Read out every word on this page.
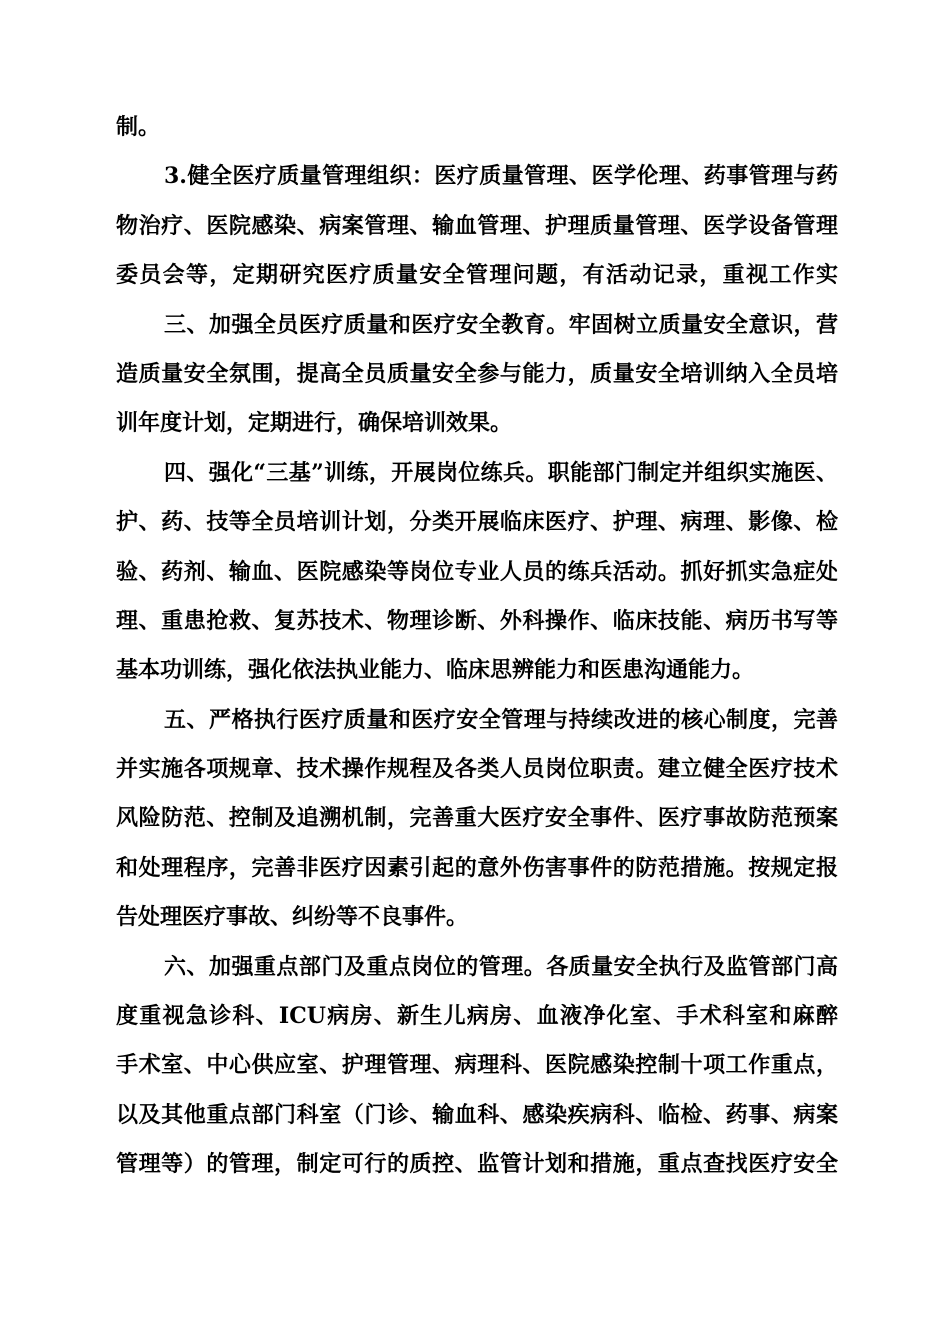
制。
3.健全医疗质量管理组织：医疗质量管理、医学伦理、药事管理与药
物治疗、医院感染、病案管理、输血管理、护理质量管理、医学设备管理
委员会等，定期研究医疗质量安全管理问题，有活动记录，重视工作实
三、加强全员医疗质量和医疗安全教育。牢固树立质量安全意识，营
造质量安全氛围，提高全员质量安全参与能力，质量安全培训纳入全员培
训年度计划，定期进行，确保培训效果。
四、强化“三基”训练，开展岗位练兵。职能部门制定并组织实施医、
护、药、技等全员培训计划，分类开展临床医疗、护理、病理、影像、检
验、药剂、输血、医院感染等岗位专业人员的练兵活动。抓好抓实急症处
理、重患抢救、复苏技术、物理诊断、外科操作、临床技能、病历书写等
基本功训练，强化依法执业能力、临床思辨能力和医患沟通能力。
五、严格执行医疗质量和医疗安全管理与持续改进的核心制度，完善
并实施各项规章、技术操作规程及各类人员岗位职责。建立健全医疗技术
风险防范、控制及追溯机制，完善重大医疗安全事件、医疗事故防范预案
和处理程序，完善非医疗因素引起的意外伤害事件的防范措施。按规定报
告处理医疗事故、纠纷等不良事件。
六、加强重点部门及重点岗位的管理。各质量安全执行及监管部门高
度重视急诊科、ICU病房、新生儿病房、血液净化室、手术科室和麻醉
手术室、中心供应室、护理管理、病理科、医院感染控制十项工作重点，
以及其他重点部门科室（门诊、输血科、感染疾病科、临检、药事、病案
管理等）的管理，制定可行的质控、监管计划和措施，重点查找医疗安全
